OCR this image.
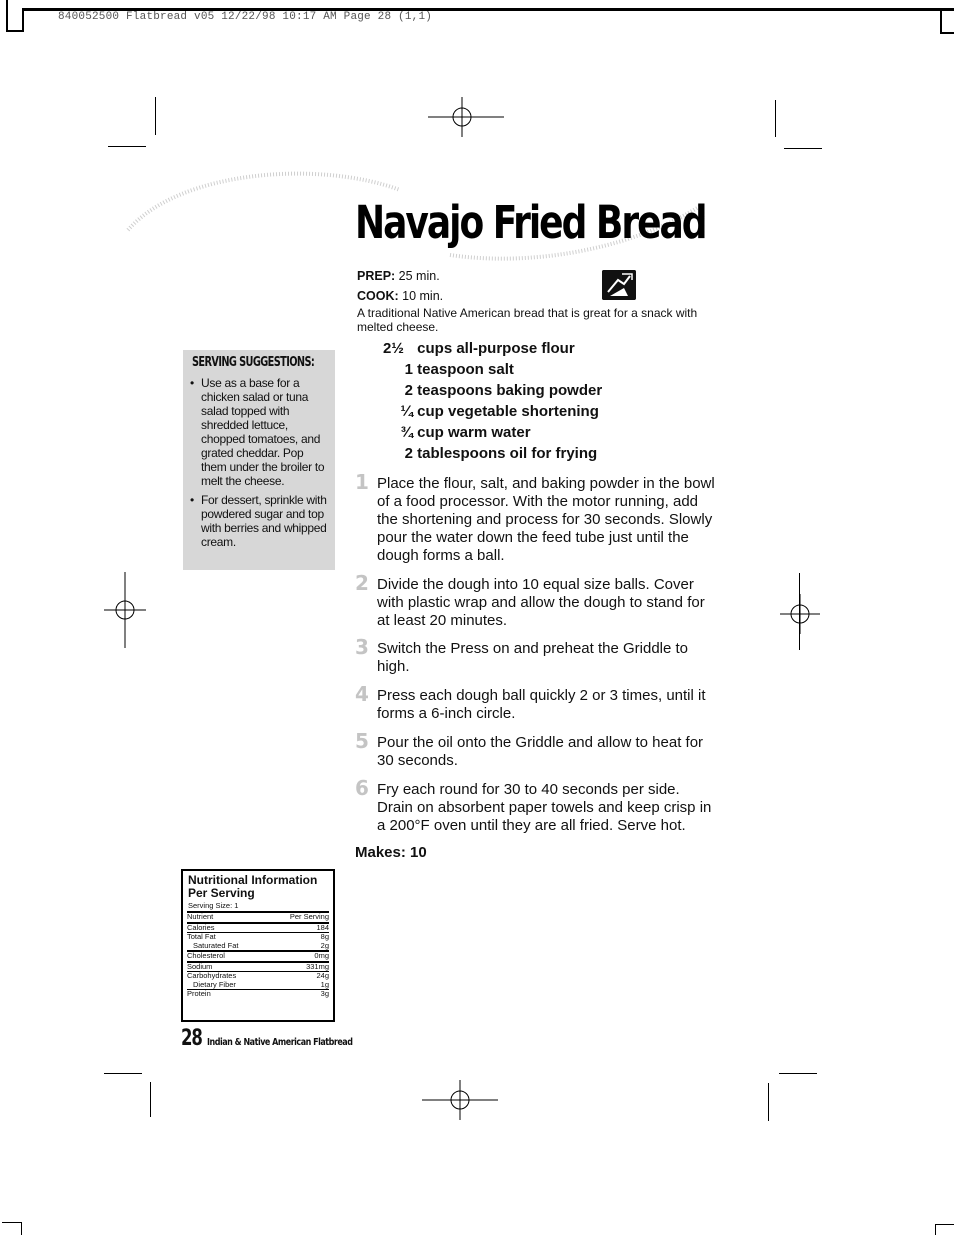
840052500 Flatbread v05 12/22/98 10:17 AM Page 28 (1,1)
Navajo Fried Bread
PREP: 25 min.
COOK: 10 min.
A traditional Native American bread that is great for a snack with melted cheese.
SERVING SUGGESTIONS:
• Use as a base for a chicken salad or tuna salad topped with shredded lettuce, chopped tomatoes, and grated cheddar. Pop them under the broiler to melt the cheese.
• For dessert, sprinkle with powdered sugar and top with berries and whipped cream.
2½ cups all-purpose flour
1 teaspoon salt
2 teaspoons baking powder
¼ cup vegetable shortening
¾ cup warm water
2 tablespoons oil for frying
1 Place the flour, salt, and baking powder in the bowl of a food processor. With the motor running, add the shortening and process for 30 seconds. Slowly pour the water down the feed tube just until the dough forms a ball.
2 Divide the dough into 10 equal size balls. Cover with plastic wrap and allow the dough to stand for at least 20 minutes.
3 Switch the Press on and preheat the Griddle to high.
4 Press each dough ball quickly 2 or 3 times, until it forms a 6-inch circle.
5 Pour the oil onto the Griddle and allow to heat for 30 seconds.
6 Fry each round for 30 to 40 seconds per side. Drain on absorbent paper towels and keep crisp in a 200°F oven until they are all fried. Serve hot.
Makes: 10
Nutritional Information Per Serving
Serving Size: 1
Nutrient	Per Serving
Calories	184
Total Fat	8g
Saturated Fat	2g
Cholesterol	0mg
Sodium	331mg
Carbohydrates	24g
Dietary Fiber	1g
Protein	3g
28 Indian & Native American Flatbread
